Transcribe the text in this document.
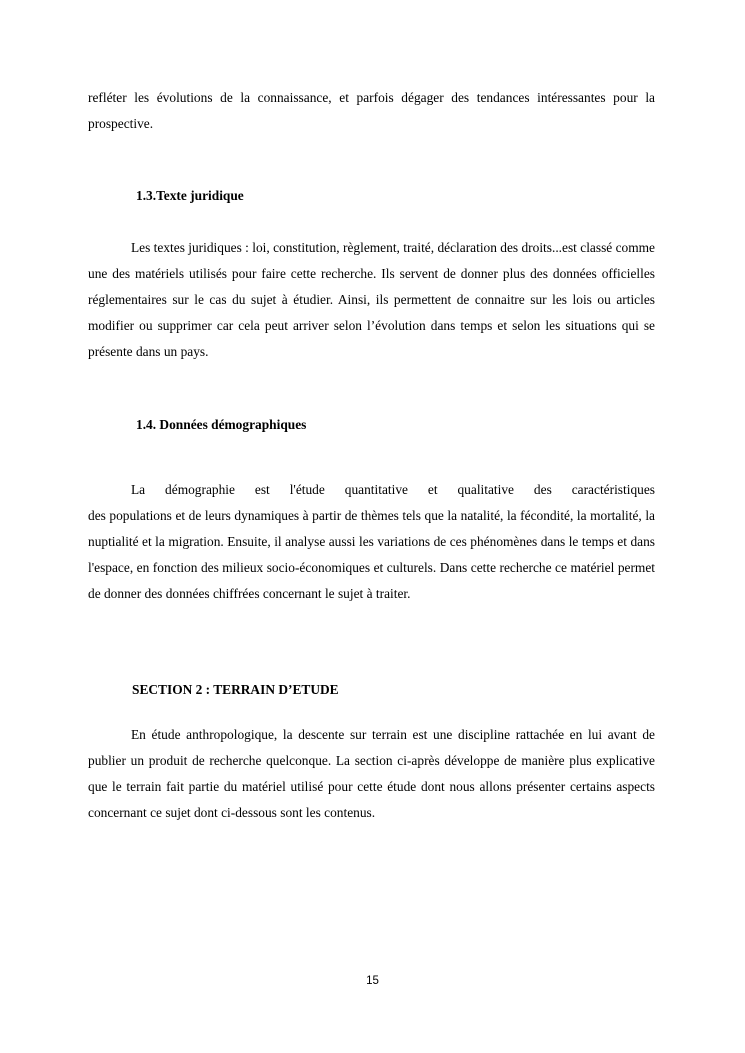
refléter les évolutions de la connaissance, et parfois dégager des tendances intéressantes pour la prospective.

1.3.Texte juridique

Les textes juridiques : loi, constitution, règlement, traité, déclaration des droits...est classé comme une des matériels utilisés pour faire cette recherche. Ils servent de donner plus des données officielles réglementaires sur le cas du sujet à étudier. Ainsi, ils permettent de connaitre sur les lois ou articles modifier ou supprimer car cela peut arriver selon l’évolution dans temps et selon les situations qui se présente dans un pays.

1.4. Données démographiques

La démographie est l'étude quantitative et qualitative des caractéristiques

des populations et de leurs dynamiques à partir de thèmes tels que la natalité, la fécondité, la mortalité, la nuptialité et la migration. Ensuite, il analyse aussi les variations de ces phénomènes dans le temps et dans l'espace, en fonction des milieux socio-économiques et culturels. Dans cette recherche ce matériel permet de donner des données chiffrées concernant le sujet à traiter.

SECTION 2 : TERRAIN D’ETUDE

En étude anthropologique, la descente sur terrain est une discipline rattachée en lui avant de publier un produit de recherche quelconque. La section ci-après développe de manière plus explicative que le terrain fait partie du matériel utilisé pour cette étude dont nous allons présenter certains aspects concernant ce sujet dont ci-dessous sont les contenus.

15
